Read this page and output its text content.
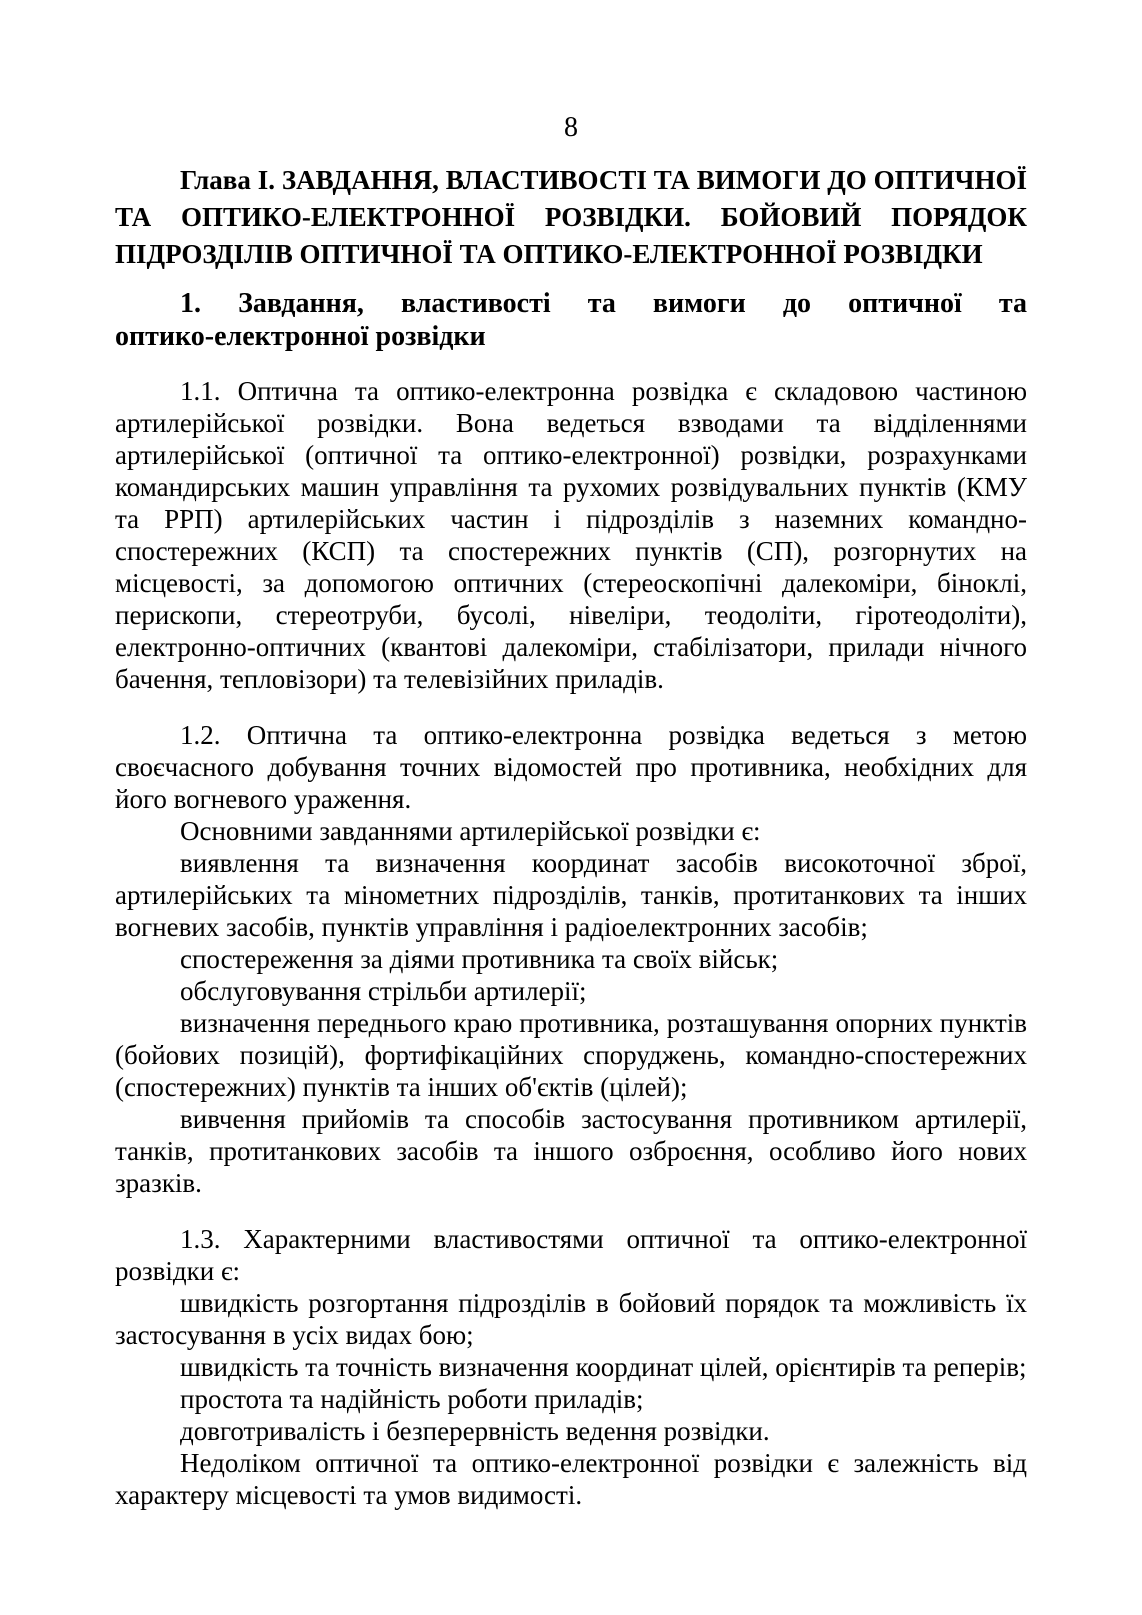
8
Глава I. ЗАВДАННЯ, ВЛАСТИВОСТІ ТА ВИМОГИ ДО ОПТИЧНОЇ
ТА ОПТИКО-ЕЛЕКТРОННОЇ РОЗВІДКИ. БОЙОВИЙ ПОРЯДОК
ПІДРОЗДІЛІВ ОПТИЧНОЇ ТА ОПТИКО-ЕЛЕКТРОННОЇ РОЗВІДКИ
1. Завдання, властивості та вимоги до оптичної та
оптико-електронної розвідки

1.1. Оптична та оптико-електронна розвідка є складовою частиною артилерійської розвідки. Вона ведеться взводами та відділеннями артилерійської (оптичної та оптико-електронної) розвідки, розрахунками командирських машин управління та рухомих розвідувальних пунктів (КМУ та РРП) артилерійських частин і підрозділів з наземних командно-спостережних (КСП) та спостережних пунктів (СП), розгорнутих на місцевості, за допомогою оптичних (стереоскопічні далекоміри, біноклі, перископи, стереотруби, бусолі, нівеліри, теодоліти, гіротеодоліти), електронно-оптичних (квантові далекоміри, стабілізатори, прилади нічного бачення, тепловізори) та телевізійних приладів.

1.2. Оптична та оптико-електронна розвідка ведеться з метою своєчасного добування точних відомостей про противника, необхідних для його вогневого ураження.

Основними завданнями артилерійської розвідки є:

виявлення та визначення координат засобів високоточної зброї, артилерійських та мінометних підрозділів, танків, протитанкових та інших вогневих засобів, пунктів управління і радіоелектронних засобів;

спостереження за діями противника та своїх військ;

обслуговування стрільби артилерії;

визначення переднього краю противника, розташування опорних пунктів (бойових позицій), фортифікаційних споруджень, командно-спостережних (спостережних) пунктів та інших об'єктів (цілей);

вивчення прийомів та способів застосування противником артилерії, танків, протитанкових засобів та іншого озброєння, особливо його нових зразків.

1.3. Характерними властивостями оптичної та оптико-електронної розвідки є:

швидкість розгортання підрозділів в бойовий порядок та можливість їх застосування в усіх видах бою;

швидкість та точність визначення координат цілей, орієнтирів та реперів;

простота та надійність роботи приладів;

довготривалість і безперервність ведення розвідки.

Недоліком оптичної та оптико-електронної розвідки є залежність від характеру місцевості та умов видимості.
